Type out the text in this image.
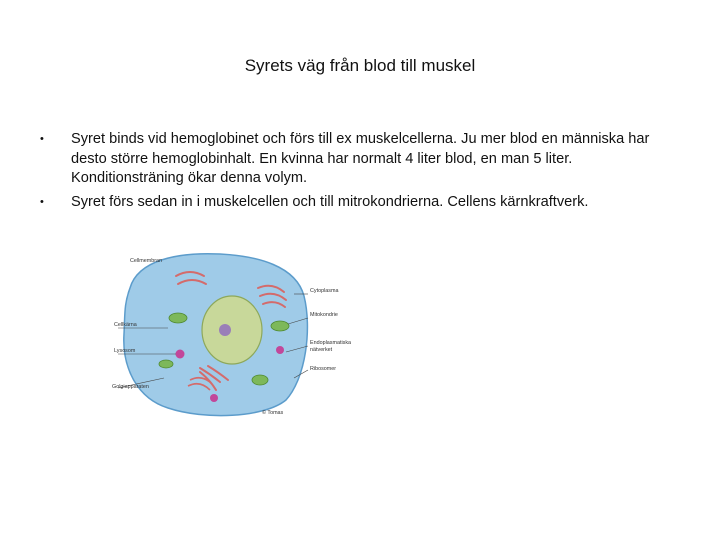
Syrets väg från blod till muskel
• Syret binds vid hemoglobinet och förs till ex muskelcellerna. Ju mer blod en människa har desto större hemoglobinhalt. En kvinna har normalt 4 liter blod, en man 5 liter. Konditionsträning ökar denna volym.
• Syret förs sedan in i muskelcellen och till mitrokondrierna. Cellens kärnkraftverk.
Cellmembran
Cytoplasma
Mitokondrie
Cellkärna
Lysosom
Endoplasmatiska
nätverket
Ribosomer
Golgiapparaten
© Tomas
